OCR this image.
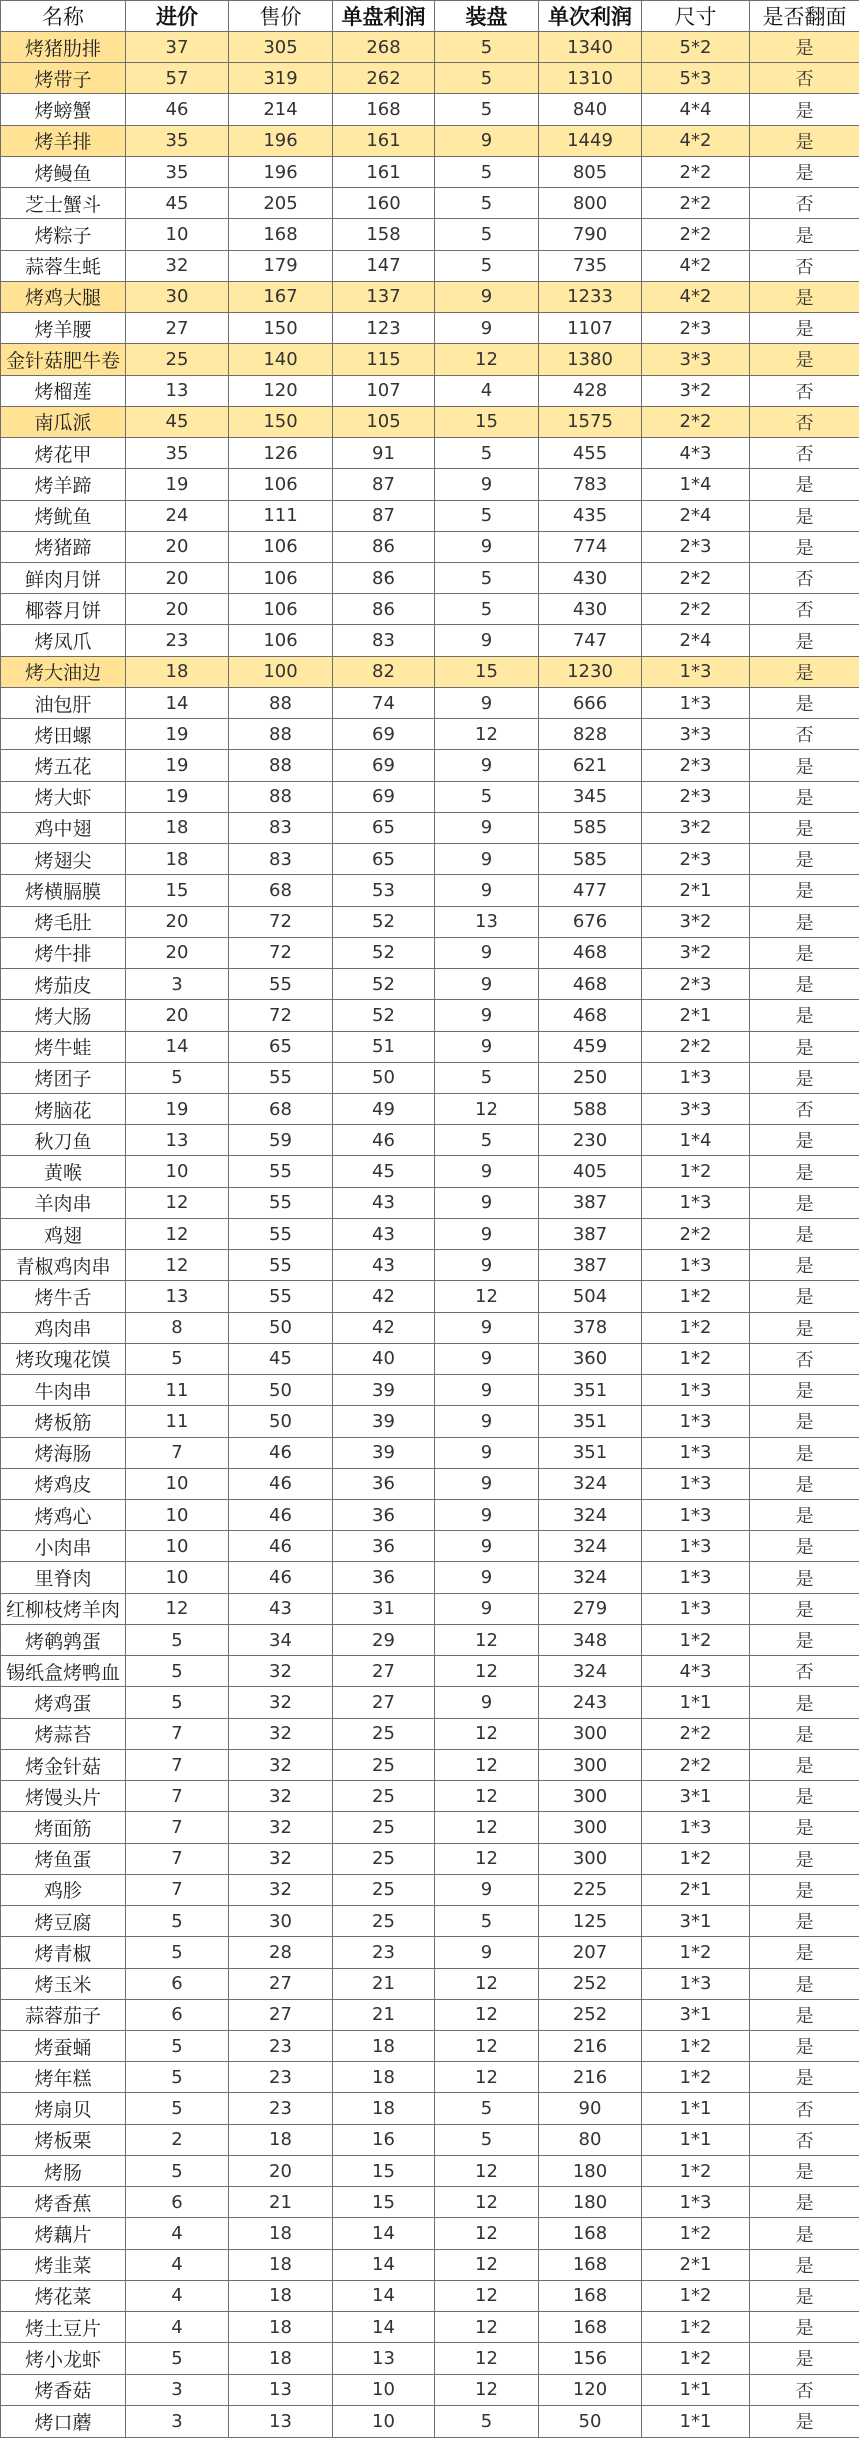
名称	进价	售价	单盘利润	装盘	单次利润	尺寸	是否翻面
烤猪肋排	37	305	268	5	1340	5*2	是
烤带子	57	319	262	5	1310	5*3	否
烤螃蟹	46	214	168	5	840	4*4	是
烤羊排	35	196	161	9	1449	4*2	是
烤鳗鱼	35	196	161	5	805	2*2	是
芝士蟹斗	45	205	160	5	800	2*2	否
烤粽子	10	168	158	5	790	2*2	是
蒜蓉生蚝	32	179	147	5	735	4*2	否
烤鸡大腿	30	167	137	9	1233	4*2	是
烤羊腰	27	150	123	9	1107	2*3	是
金针菇肥牛卷	25	140	115	12	1380	3*3	是
烤榴莲	13	120	107	4	428	3*2	否
南瓜派	45	150	105	15	1575	2*2	否
烤花甲	35	126	91	5	455	4*3	否
烤羊蹄	19	106	87	9	783	1*4	是
烤鱿鱼	24	111	87	5	435	2*4	是
烤猪蹄	20	106	86	9	774	2*3	是
鲜肉月饼	20	106	86	5	430	2*2	否
椰蓉月饼	20	106	86	5	430	2*2	否
烤凤爪	23	106	83	9	747	2*4	是
烤大油边	18	100	82	15	1230	1*3	是
油包肝	14	88	74	9	666	1*3	是
烤田螺	19	88	69	12	828	3*3	否
烤五花	19	88	69	9	621	2*3	是
烤大虾	19	88	69	5	345	2*3	是
鸡中翅	18	83	65	9	585	3*2	是
烤翅尖	18	83	65	9	585	2*3	是
烤横膈膜	15	68	53	9	477	2*1	是
烤毛肚	20	72	52	13	676	3*2	是
烤牛排	20	72	52	9	468	3*2	是
烤茄皮	3	55	52	9	468	2*3	是
烤大肠	20	72	52	9	468	2*1	是
烤牛蛙	14	65	51	9	459	2*2	是
烤团子	5	55	50	5	250	1*3	是
烤脑花	19	68	49	12	588	3*3	否
秋刀鱼	13	59	46	5	230	1*4	是
黄喉	10	55	45	9	405	1*2	是
羊肉串	12	55	43	9	387	1*3	是
鸡翅	12	55	43	9	387	2*2	是
青椒鸡肉串	12	55	43	9	387	1*3	是
烤牛舌	13	55	42	12	504	1*2	是
鸡肉串	8	50	42	9	378	1*2	是
烤玫瑰花馍	5	45	40	9	360	1*2	否
牛肉串	11	50	39	9	351	1*3	是
烤板筋	11	50	39	9	351	1*3	是
烤海肠	7	46	39	9	351	1*3	是
烤鸡皮	10	46	36	9	324	1*3	是
烤鸡心	10	46	36	9	324	1*3	是
小肉串	10	46	36	9	324	1*3	是
里脊肉	10	46	36	9	324	1*3	是
红柳枝烤羊肉	12	43	31	9	279	1*3	是
烤鹌鹑蛋	5	34	29	12	348	1*2	是
锡纸盒烤鸭血	5	32	27	12	324	4*3	否
烤鸡蛋	5	32	27	9	243	1*1	是
烤蒜苔	7	32	25	12	300	2*2	是
烤金针菇	7	32	25	12	300	2*2	是
烤馒头片	7	32	25	12	300	3*1	是
烤面筋	7	32	25	12	300	1*3	是
烤鱼蛋	7	32	25	12	300	1*2	是
鸡胗	7	32	25	9	225	2*1	是
烤豆腐	5	30	25	5	125	3*1	是
烤青椒	5	28	23	9	207	1*2	是
烤玉米	6	27	21	12	252	1*3	是
蒜蓉茄子	6	27	21	12	252	3*1	是
烤蚕蛹	5	23	18	12	216	1*2	是
烤年糕	5	23	18	12	216	1*2	是
烤扇贝	5	23	18	5	90	1*1	否
烤板栗	2	18	16	5	80	1*1	否
烤肠	5	20	15	12	180	1*2	是
烤香蕉	6	21	15	12	180	1*3	是
烤藕片	4	18	14	12	168	1*2	是
烤韭菜	4	18	14	12	168	2*1	是
烤花菜	4	18	14	12	168	1*2	是
烤土豆片	4	18	14	12	168	1*2	是
烤小龙虾	5	18	13	12	156	1*2	是
烤香菇	3	13	10	12	120	1*1	否
烤口蘑	3	13	10	5	50	1*1	是
